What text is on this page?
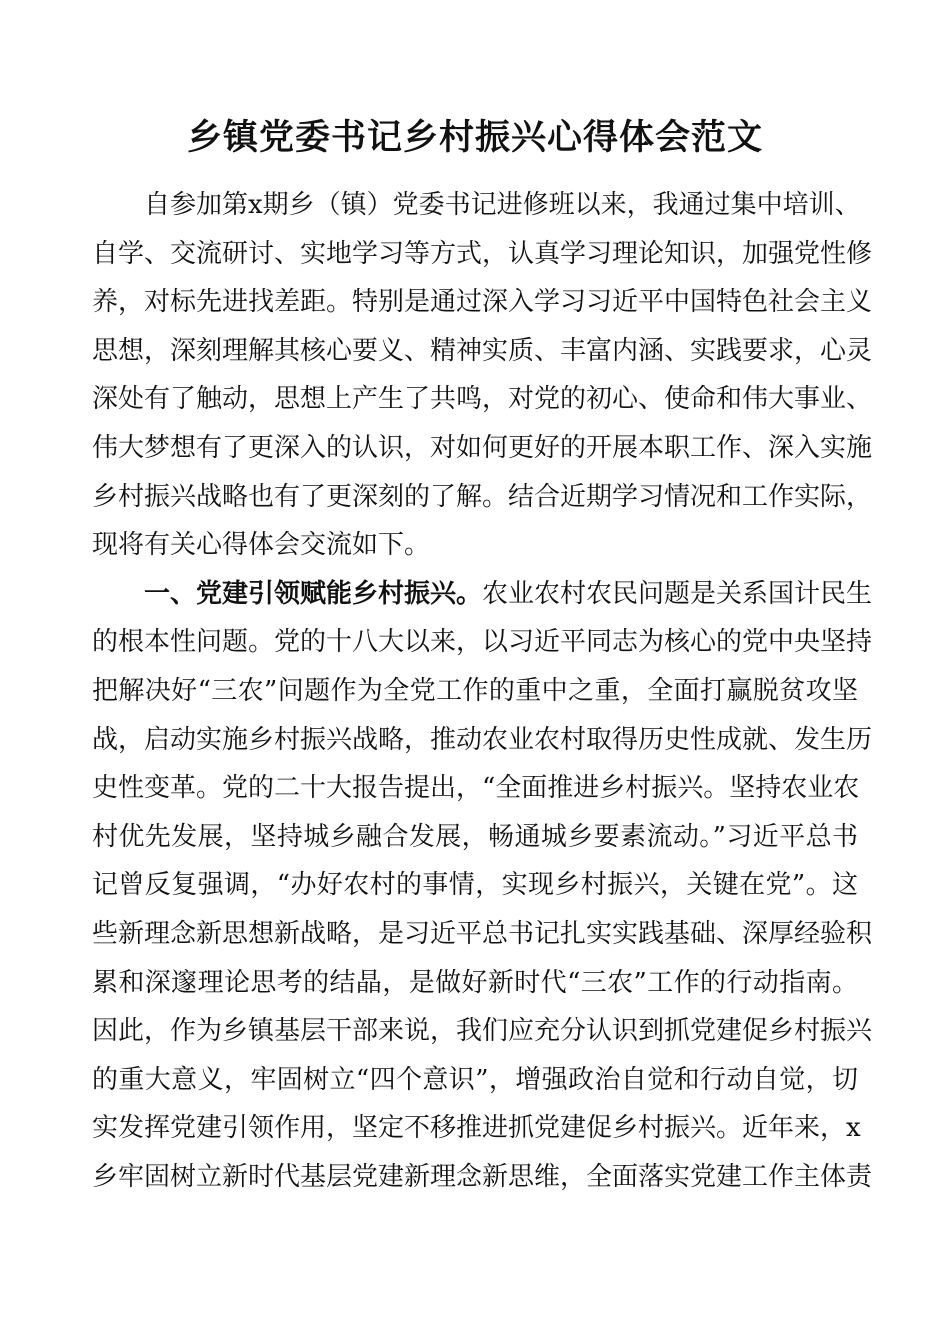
乡镇党委书记乡村振兴心得体会范文
自参加第x期乡（镇）党委书记进修班以来，我通过集中培训、
自学、交流研讨、实地学习等方式，认真学习理论知识，加强党性修
养，对标先进找差距。特别是通过深入学习习近平中国特色社会主义
思想，深刻理解其核心要义、精神实质、丰富内涵、实践要求，心灵
深处有了触动，思想上产生了共鸣，对党的初心、使命和伟大事业、
伟大梦想有了更深入的认识，对如何更好的开展本职工作、深入实施
乡村振兴战略也有了更深刻的了解。结合近期学习情况和工作实际，
现将有关心得体会交流如下。
一、党建引领赋能乡村振兴。农业农村农民问题是关系国计民生
的根本性问题。党的十八大以来，以习近平同志为核心的党中央坚持
把解决好“三农”问题作为全党工作的重中之重，全面打赢脱贫攻坚
战，启动实施乡村振兴战略，推动农业农村取得历史性成就、发生历
史性变革。党的二十大报告提出，“全面推进乡村振兴。坚持农业农
村优先发展，坚持城乡融合发展，畅通城乡要素流动。”习近平总书
记曾反复强调，“办好农村的事情，实现乡村振兴，关键在党”。这
些新理念新思想新战略，是习近平总书记扎实实践基础、深厚经验积
累和深邃理论思考的结晶，是做好新时代“三农”工作的行动指南。
因此，作为乡镇基层干部来说，我们应充分认识到抓党建促乡村振兴
的重大意义，牢固树立“四个意识”，增强政治自觉和行动自觉，切
实发挥党建引领作用，坚定不移推进抓党建促乡村振兴。近年来，x
乡牢固树立新时代基层党建新理念新思维，全面落实党建工作主体责
